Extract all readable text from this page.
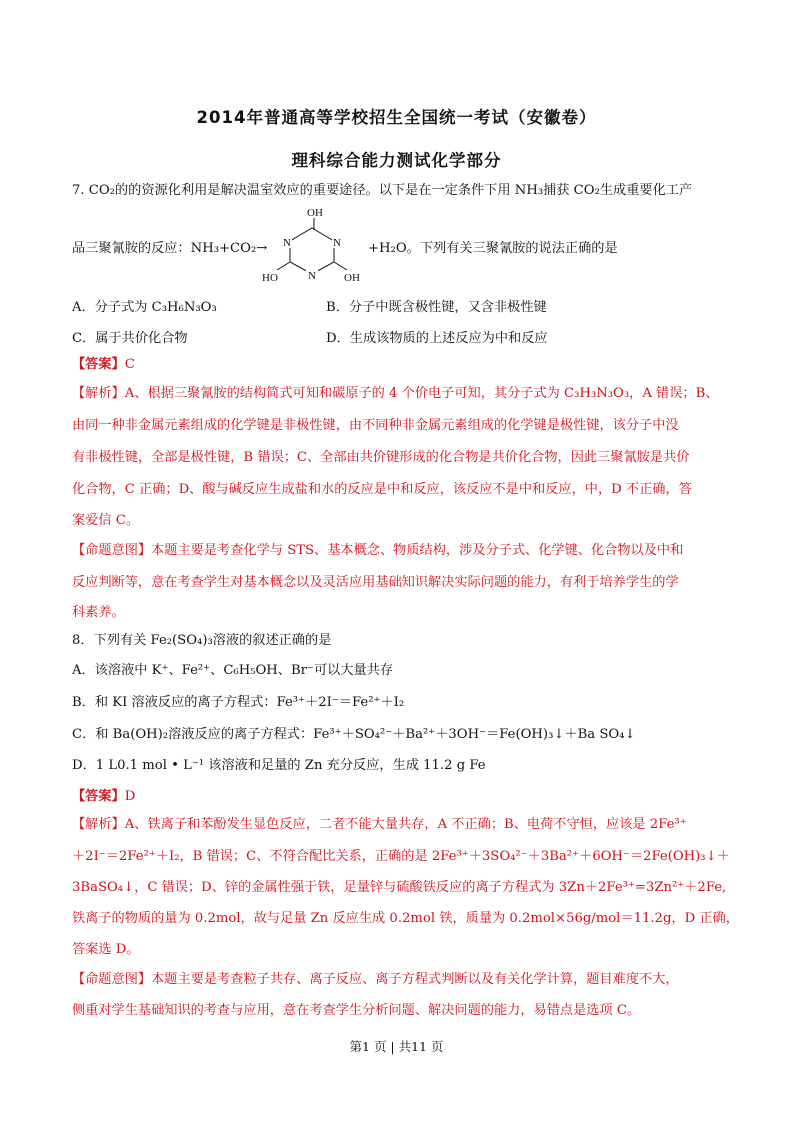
2014年普通高等学校招生全国统一考试（安徽卷）
理科综合能力测试化学部分
7. CO₂的的资源化利用是解决温室效应的重要途径。以下是在一定条件下用 NH₃捕获 CO₂生成重要化工产
品三聚氰胺的反应：NH₃+CO₂→
OH
N
N
N
HO	OH
+H₂O。下列有关三聚氰胺的说法正确的是
A．分子式为 C₃H₆N₃O₃	B．分子中既含极性键，又含非极性键
C．属于共价化合物	D．生成该物质的上述反应为中和反应
【答案】C
【解析】A、根据三聚氰胺的结构简式可知和碳原子的 4 个价电子可知，其分子式为 C₃H₃N₃O₃，A 错误；B、
由同一种非金属元素组成的化学键是非极性键，由不同种非金属元素组成的化学键是极性键，该分子中没
有非极性键，全部是极性键，B 错误；C、全部由共价键形成的化合物是共价化合物，因此三聚氰胺是共价
化合物，C 正确；D、酸与碱反应生成盐和水的反应是中和反应，该反应不是中和反应，中，D 不正确，答
案爱信 C。
【命题意图】本题主要是考查化学与 STS、基本概念、物质结构，涉及分子式、化学键、化合物以及中和
反应判断等，意在考查学生对基本概念以及灵活应用基础知识解决实际问题的能力，有利于培养学生的学
科素养。
8．下列有关 Fe₂(SO₄)₃溶液的叙述正确的是
A．该溶液中 K⁺、Fe²⁺、C₆H₅OH、Br⁻可以大量共存
B．和 KI 溶液反应的离子方程式：Fe³⁺＋2I⁻＝Fe²⁺＋I₂
C．和 Ba(OH)₂溶液反应的离子方程式：Fe³⁺＋SO₄²⁻＋Ba²⁺＋3OH⁻＝Fe(OH)₃↓＋Ba SO₄↓
D．1 L0.1 mol • L⁻¹ 该溶液和足量的 Zn 充分反应，生成 11.2 g Fe
【答案】D
【解析】A、铁离子和苯酚发生显色反应，二者不能大量共存，A 不正确；B、电荷不守恒，应该是 2Fe³⁺
＋2I⁻＝2Fe²⁺＋I₂，B 错误；C、不符合配比关系，正确的是 2Fe³⁺＋3SO₄²⁻＋3Ba²⁺＋6OH⁻＝2Fe(OH)₃↓＋
3BaSO₄↓，C 错误；D、锌的金属性强于铁，足量锌与硫酸铁反应的离子方程式为 3Zn＋2Fe³⁺=3Zn²⁺＋2Fe,
铁离子的物质的量为 0.2mol，故与足量 Zn 反应生成 0.2mol 铁，质量为 0.2mol×56g/mol＝11.2g，D 正确，
答案选 D。
【命题意图】本题主要是考查粒子共存、离子反应、离子方程式判断以及有关化学计算，题目难度不大，
侧重对学生基础知识的考查与应用，意在考查学生分析问题、解决问题的能力，易错点是选项 C。
第1 页 | 共11 页
